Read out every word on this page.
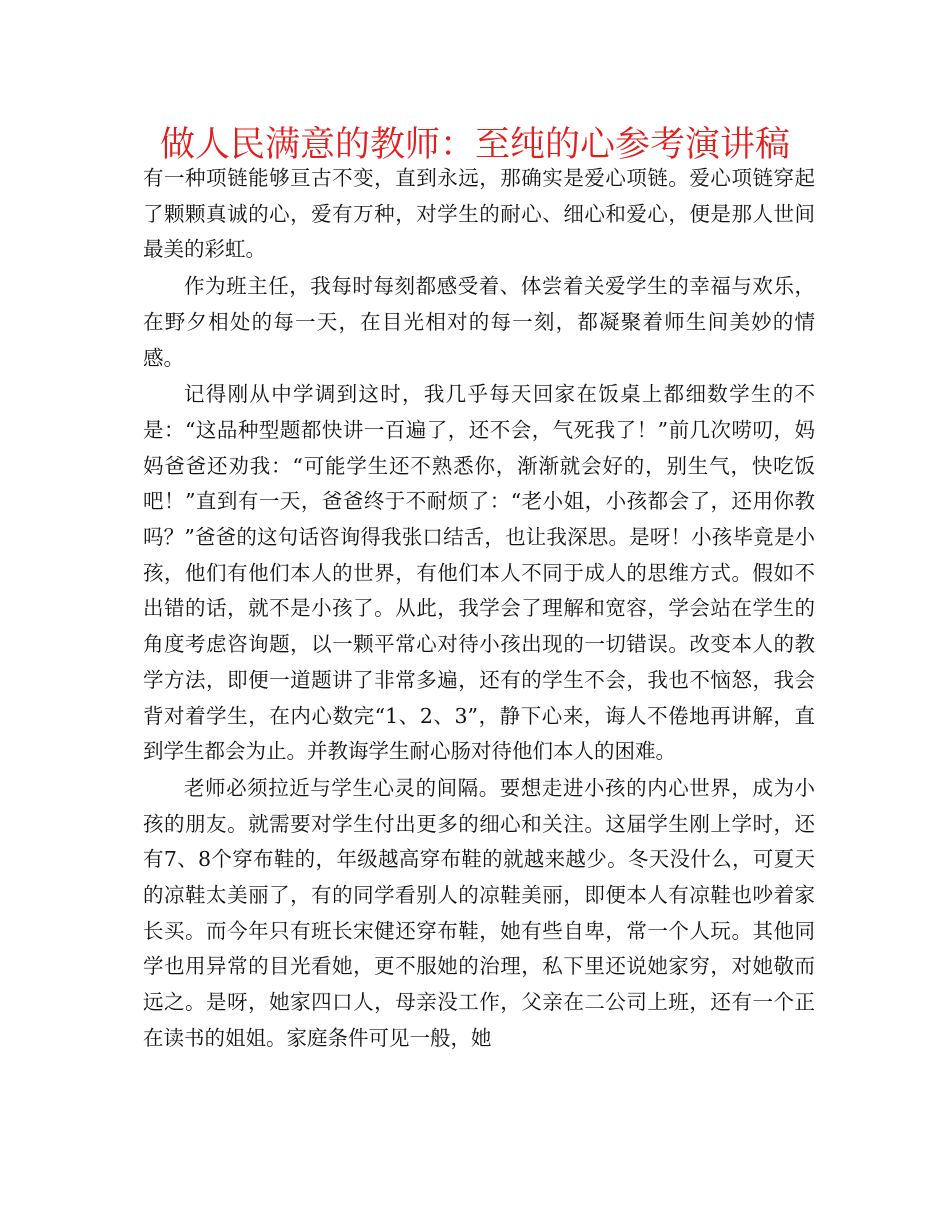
做人民满意的教师：至纯的心参考演讲稿

有一种项链能够亘古不变，直到永远，那确实是爱心项链。爱心项链穿起了颗颗真诚的心，爱有万种，对学生的耐心、细心和爱心，便是那人世间最美的彩虹。

作为班主任，我每时每刻都感受着、体尝着关爱学生的幸福与欢乐，在野夕相处的每一天，在目光相对的每一刻，都凝聚着师生间美妙的情感。

记得刚从中学调到这时，我几乎每天回家在饭桌上都细数学生的不是：“这品种型题都快讲一百遍了，还不会，气死我了！”前几次唠叨，妈妈爸爸还劝我：“可能学生还不熟悉你，渐渐就会好的，别生气，快吃饭吧！”直到有一天，爸爸终于不耐烦了：“老小姐，小孩都会了，还用你教吗？”爸爸的这句话咨询得我张口结舌，也让我深思。是呀！小孩毕竟是小孩，他们有他们本人的世界，有他们本人不同于成人的思维方式。假如不出错的话，就不是小孩了。从此，我学会了理解和宽容，学会站在学生的角度考虑咨询题，以一颗平常心对待小孩出现的一切错误。改变本人的教学方法，即便一道题讲了非常多遍，还有的学生不会，我也不恼怒，我会背对着学生，在内心数完“1、2、3”，静下心来，诲人不倦地再讲解，直到学生都会为止。并教诲学生耐心肠对待他们本人的困难。

老师必须拉近与学生心灵的间隔。要想走进小孩的内心世界，成为小孩的朋友。就需要对学生付出更多的细心和关注。这届学生刚上学时，还有7、8个穿布鞋的，年级越高穿布鞋的就越来越少。冬天没什么，可夏天的凉鞋太美丽了，有的同学看别人的凉鞋美丽，即便本人有凉鞋也吵着家长买。而今年只有班长宋健还穿布鞋，她有些自卑，常一个人玩。其他同学也用异常的目光看她，更不服她的治理，私下里还说她家穷，对她敬而远之。是呀，她家四口人，母亲没工作，父亲在二公司上班，还有一个正在读书的姐姐。家庭条件可见一般，她
